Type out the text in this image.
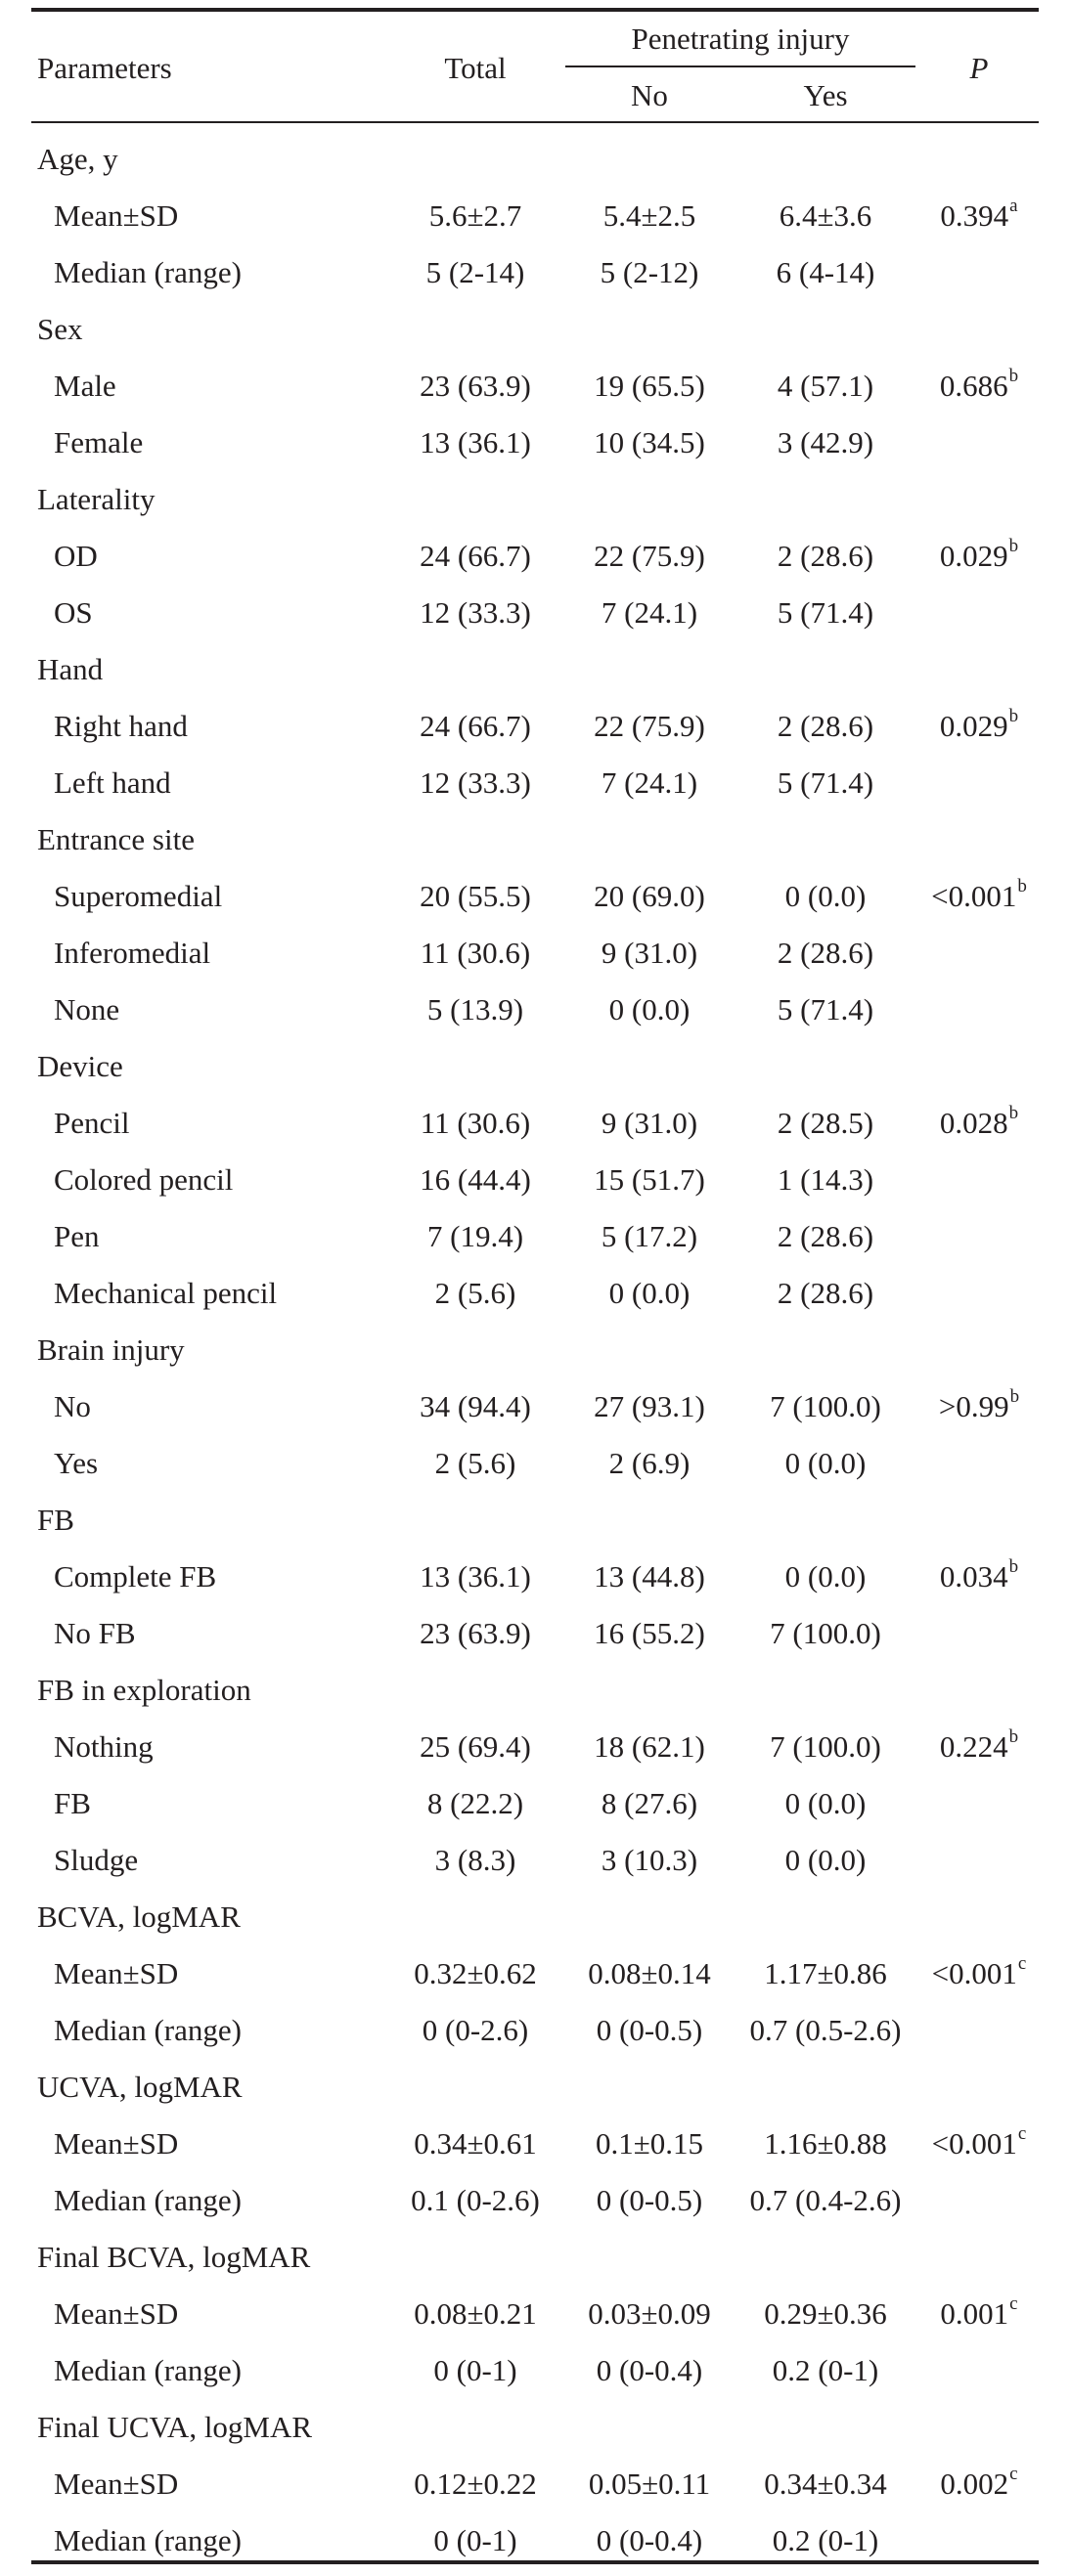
Parameters	Total
Penetrating injury
No	Yes
P
Age, y
Mean±SD	5.6±2.7	5.4±2.5	6.4±3.6	0.394$^a$
Median (range)	5 (2-14)	5 (2-12)	6 (4-14)
Sex
Male	23 (63.9)	19 (65.5)	4 (57.1)	0.686$^b$
Female	13 (36.1)	10 (34.5)	3 (42.9)
Laterality
OD	24 (66.7)	22 (75.9)	2 (28.6)	0.029$^b$
OS	12 (33.3)	7 (24.1)	5 (71.4)
Hand
Right hand	24 (66.7)	22 (75.9)	2 (28.6)	0.029$^b$
Left hand	12 (33.3)	7 (24.1)	5 (71.4)
Entrance site
Superomedial	20 (55.5)	20 (69.0)	0 (0.0)	<0.001$^b$
Inferomedial	11 (30.6)	9 (31.0)	2 (28.6)
None	5 (13.9)	0 (0.0)	5 (71.4)
Device
Pencil	11 (30.6)	9 (31.0)	2 (28.5)	0.028$^b$
Colored pencil	16 (44.4)	15 (51.7)	1 (14.3)
Pen	7 (19.4)	5 (17.2)	2 (28.6)
Mechanical pencil	2 (5.6)	0 (0.0)	2 (28.6)
Brain injury
No	34 (94.4)	27 (93.1)	7 (100.0)	>0.99$^b$
Yes	2 (5.6)	2 (6.9)	0 (0.0)
FB
Complete FB	13 (36.1)	13 (44.8)	0 (0.0)	0.034$^b$
No FB	23 (63.9)	16 (55.2)	7 (100.0)
FB in exploration
Nothing	25 (69.4)	18 (62.1)	7 (100.0)	0.224$^b$
FB	8 (22.2)	8 (27.6)	0 (0.0)
Sludge	3 (8.3)	3 (10.3)	0 (0.0)
BCVA, logMAR
Mean±SD	0.32±0.62	0.08±0.14	1.17±0.86	<0.001$^c$
Median (range)	0 (0-2.6)	0 (0-0.5)	0.7 (0.5-2.6)
UCVA, logMAR
Mean±SD	0.34±0.61	0.1±0.15	1.16±0.88	<0.001$^c$
Median (range)	0.1 (0-2.6)	0 (0-0.5)	0.7 (0.4-2.6)
Final BCVA, logMAR
Mean±SD	0.08±0.21	0.03±0.09	0.29±0.36	0.001$^c$
Median (range)	0 (0-1)	0 (0-0.4)	0.2 (0-1)
Final UCVA, logMAR
Mean±SD	0.12±0.22	0.05±0.11	0.34±0.34	0.002$^c$
Median (range)	0 (0-1)	0 (0-0.4)	0.2 (0-1)
